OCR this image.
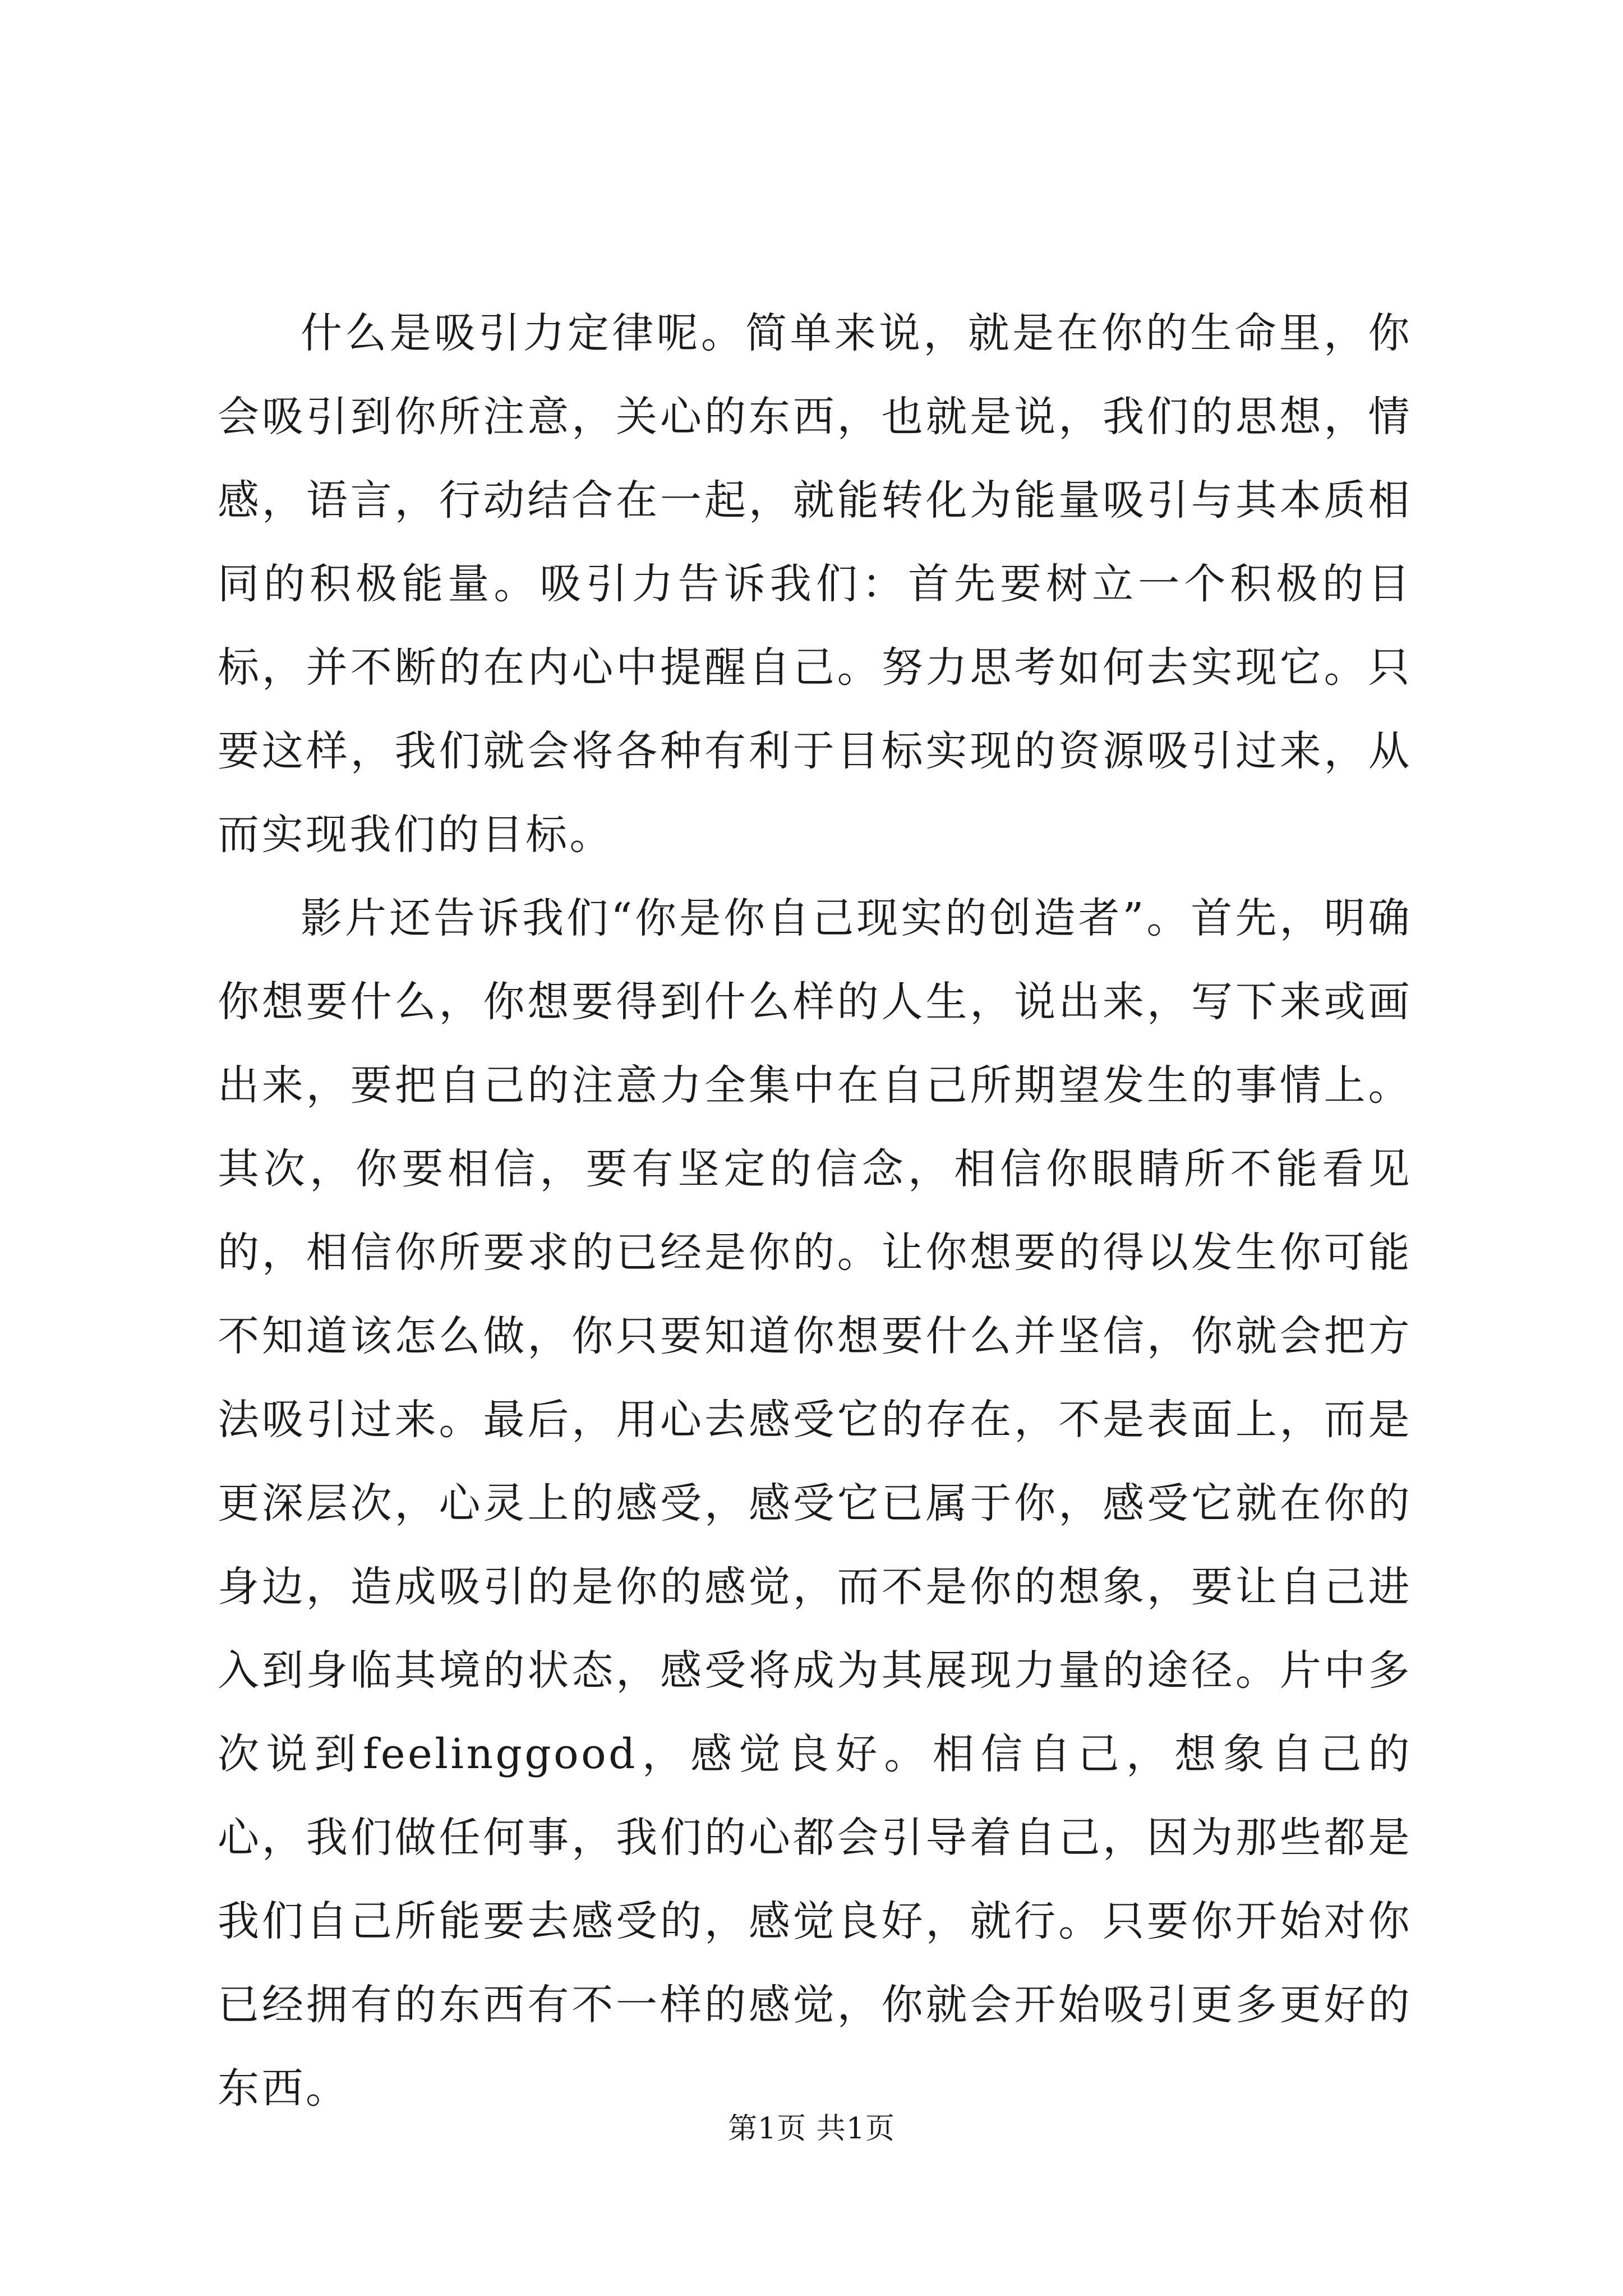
什么是吸引力定律呢。简单来说，就是在你的生命里，你会吸引到你所注意，关心的东西，也就是说，我们的思想，情感，语言，行动结合在一起，就能转化为能量吸引与其本质相同的积极能量。吸引力告诉我们：首先要树立一个积极的目标，并不断的在内心中提醒自己。努力思考如何去实现它。只要这样，我们就会将各种有利于目标实现的资源吸引过来，从而实现我们的目标。

影片还告诉我们“你是你自己现实的创造者”。首先，明确你想要什么，你想要得到什么样的人生，说出来，写下来或画出来，要把自己的注意力全集中在自己所期望发生的事情上。其次，你要相信，要有坚定的信念，相信你眼睛所不能看见的，相信你所要求的已经是你的。让你想要的得以发生你可能不知道该怎么做，你只要知道你想要什么并坚信，你就会把方法吸引过来。最后，用心去感受它的存在，不是表面上，而是更深层次，心灵上的感受，感受它已属于你，感受它就在你的身边，造成吸引的是你的感觉，而不是你的想象，要让自己进入到身临其境的状态，感受将成为其展现力量的途径。片中多次说到feelinggood，感觉良好。相信自己，想象自己的心，我们做任何事，我们的心都会引导着自己，因为那些都是我们自己所能要去感受的，感觉良好，就行。只要你开始对你已经拥有的东西有不一样的感觉，你就会开始吸引更多更好的东西。

第1页 共1页
